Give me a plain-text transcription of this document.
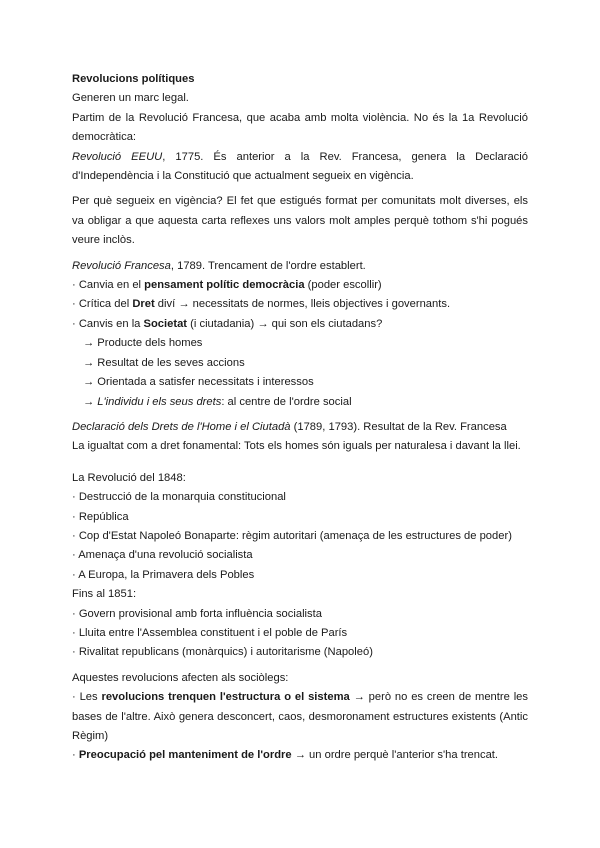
Revolucions polítiques
Generen un marc legal.
Partim de la Revolució Francesa, que acaba amb molta violència. No és la 1a Revolució democràtica:
Revolució EEUU, 1775. És anterior a la Rev. Francesa, genera la Declaració d'Independència i la Constitució que actualment segueix en vigència.
Per què segueix en vigència? El fet que estigués format per comunitats molt diverses, els va obligar a que aquesta carta reflexes uns valors molt amples perquè tothom s'hi pogués veure inclòs.
Revolució Francesa, 1789. Trencament de l'ordre establert.
· Canvia en el pensament polític democràcia (poder escollir)
· Crítica del Dret diví → necessitats de normes, lleis objectives i governants.
· Canvis en la Societat (i ciutadania) → qui son els ciutadans?
→ Producte dels homes
→ Resultat de les seves accions
→ Orientada a satisfer necessitats i interessos
→ L'individu i els seus drets: al centre de l'ordre social
Declaració dels Drets de l'Home i el Ciutadà (1789, 1793). Resultat de la Rev. Francesa
La igualtat com a dret fonamental: Tots els homes són iguals per naturalesa i davant la llei.
La Revolució del 1848:
· Destrucció de la monarquia constitucional
· República
· Cop d'Estat Napoleó Bonaparte: règim autoritari (amenaça de les estructures de poder)
· Amenaça d'una revolució socialista
· A Europa, la Primavera dels Pobles
Fins al 1851:
· Govern provisional amb forta influència socialista
· Lluita entre l'Assemblea constituent i el poble de París
· Rivalitat republicans (monàrquics) i autoritarisme (Napoleó)
Aquestes revolucions afecten als sociòlegs:
· Les revolucions trenquen l'estructura o el sistema → però no es creen de mentre les bases de l'altre. Això genera desconcert, caos, desmoronament estructures existents (Antic Règim)
· Preocupació pel manteniment de l'ordre → un ordre perquè l'anterior s'ha trencat.
